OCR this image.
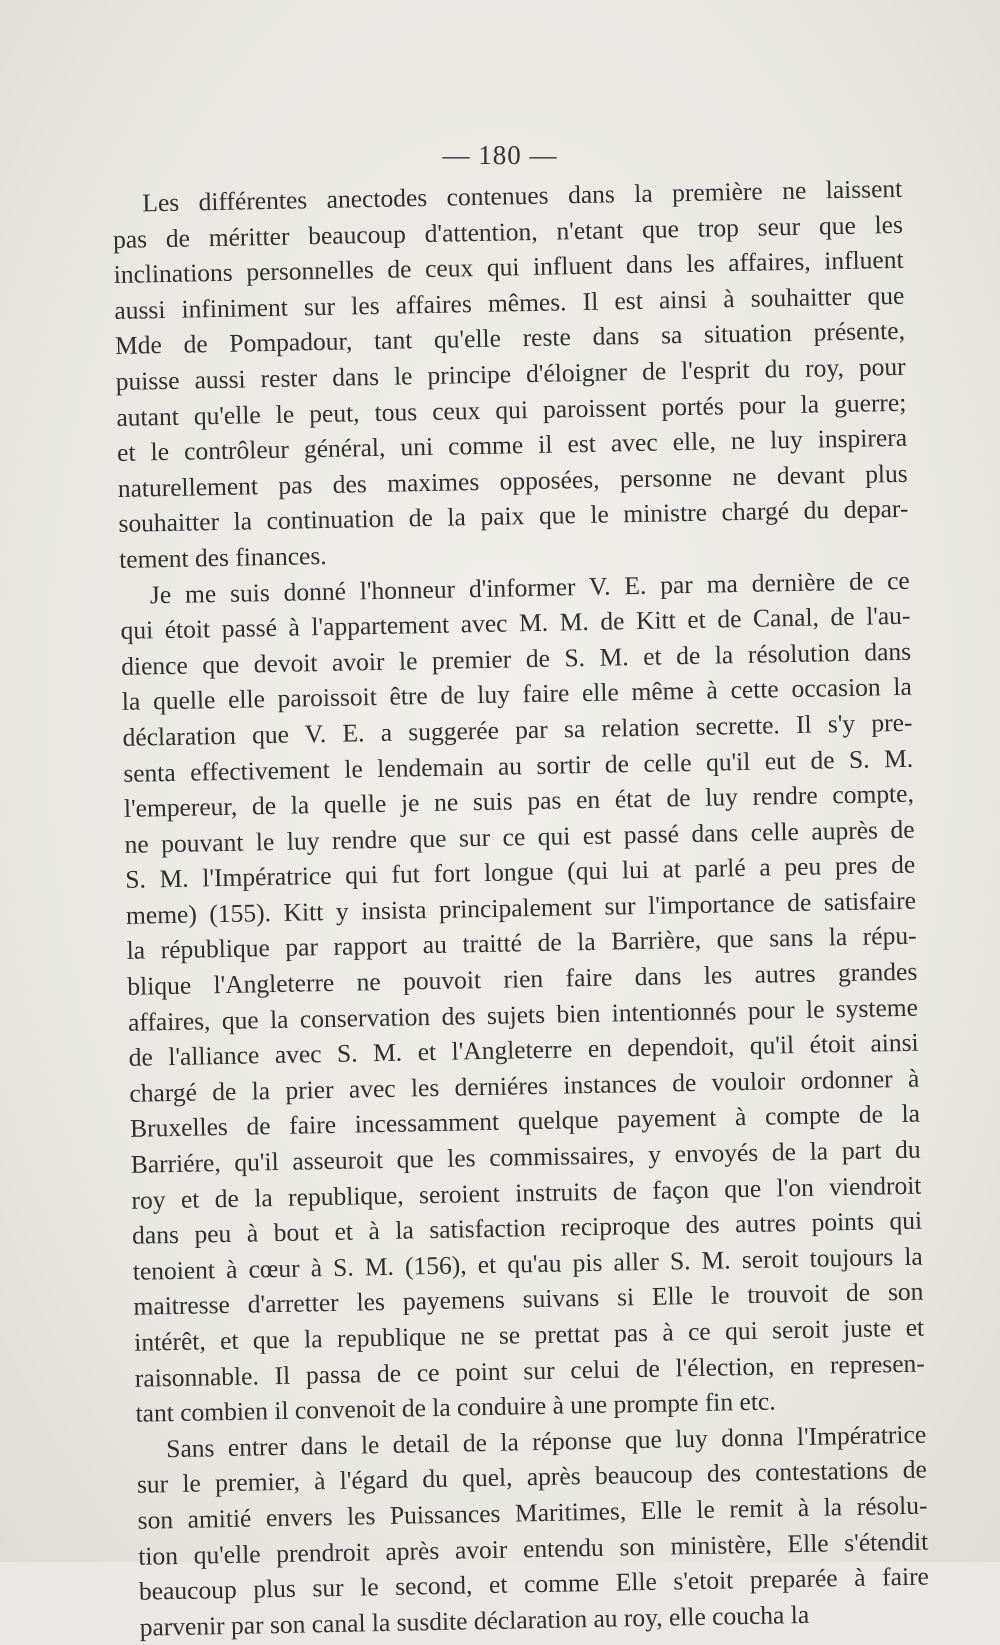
— 180 —
Les différentes anectodes contenues dans la première ne laissent
pas de méritter beaucoup d'attention, n'etant que trop seur que les
inclinations personnelles de ceux qui influent dans les affaires, influent
aussi infiniment sur les affaires mêmes. Il est ainsi à souhaitter que
Mde de Pompadour, tant qu'elle reste dans sa situation présente,
puisse aussi rester dans le principe d'éloigner de l'esprit du roy, pour
autant qu'elle le peut, tous ceux qui paroissent portés pour la guerre;
et le contrôleur général, uni comme il est avec elle, ne luy inspirera
naturellement pas des maximes opposées, personne ne devant plus
souhaitter la continuation de la paix que le ministre chargé du depar-
tement des finances.
Je me suis donné l'honneur d'informer V. E. par ma dernière de ce
qui étoit passé à l'appartement avec M. M. de Kitt et de Canal, de l'au-
dience que devoit avoir le premier de S. M. et de la résolution dans
la quelle elle paroissoit être de luy faire elle même à cette occasion la
déclaration que V. E. a suggerée par sa relation secrette. Il s'y pre-
senta effectivement le lendemain au sortir de celle qu'il eut de S. M.
l'empereur, de la quelle je ne suis pas en état de luy rendre compte,
ne pouvant le luy rendre que sur ce qui est passé dans celle auprès de
S. M. l'Impératrice qui fut fort longue (qui lui at parlé a peu pres de
meme) (155). Kitt y insista principalement sur l'importance de satisfaire
la république par rapport au traitté de la Barrière, que sans la répu-
blique l'Angleterre ne pouvoit rien faire dans les autres grandes
affaires, que la conservation des sujets bien intentionnés pour le systeme
de l'alliance avec S. M. et l'Angleterre en dependoit, qu'il étoit ainsi
chargé de la prier avec les derniéres instances de vouloir ordonner à
Bruxelles de faire incessamment quelque payement à compte de la
Barriére, qu'il asseuroit que les commissaires, y envoyés de la part du
roy et de la republique, seroient instruits de façon que l'on viendroit
dans peu à bout et à la satisfaction reciproque des autres points qui
tenoient à cœur à S. M. (156), et qu'au pis aller S. M. seroit toujours la
maitresse d'arretter les payemens suivans si Elle le trouvoit de son
intérêt, et que la republique ne se prettat pas à ce qui seroit juste et
raisonnable. Il passa de ce point sur celui de l'élection, en represen-
tant combien il convenoit de la conduire à une prompte fin etc.
Sans entrer dans le detail de la réponse que luy donna l'Impératrice
sur le premier, à l'égard du quel, après beaucoup des contestations de
son amitié envers les Puissances Maritimes, Elle le remit à la résolu-
tion qu'elle prendroit après avoir entendu son ministère, Elle s'étendit
beaucoup plus sur le second, et comme Elle s'etoit preparée à faire
parvenir par son canal la susdite déclaration au roy, elle coucha la
